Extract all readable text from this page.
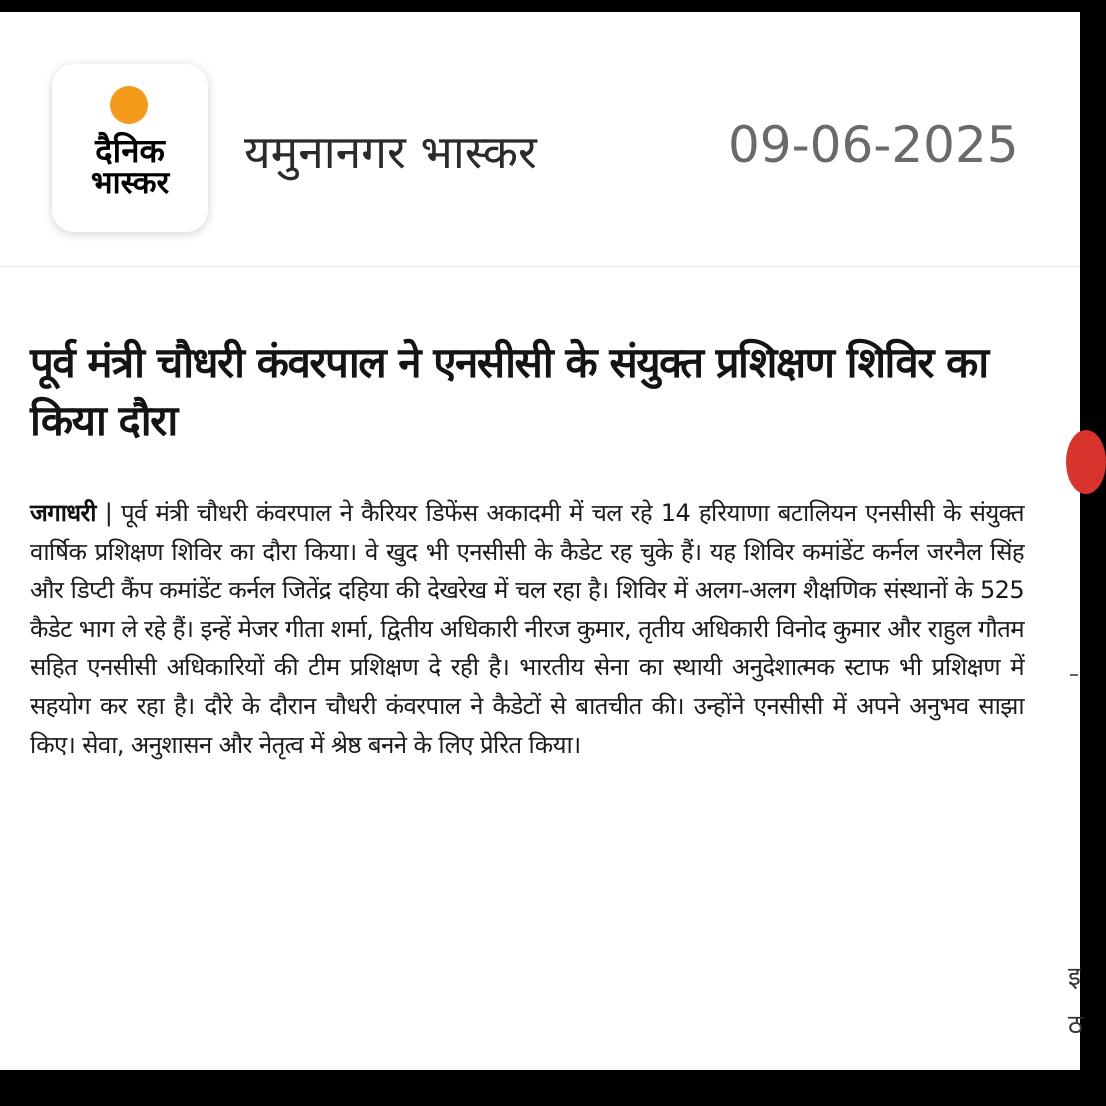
दैनिक
भास्कर
यमुनानगर भास्कर	09-06-2025
पूर्व मंत्री चौधरी कंवरपाल ने एनसीसी के संयुक्त प्रशिक्षण शिविर का किया दौरा

जगाधरी | पूर्व मंत्री चौधरी कंवरपाल ने कैरियर डिफेंस अकादमी में चल रहे 14 हरियाणा बटालियन एनसीसी के संयुक्त वार्षिक प्रशिक्षण शिविर का दौरा किया। वे खुद भी एनसीसी के कैडेट रह चुके हैं। यह शिविर कमांडेंट कर्नल जरनैल सिंह और डिप्टी कैंप कमांडेंट कर्नल जितेंद्र दहिया की देखरेख में चल रहा है। शिविर में अलग-अलग शैक्षणिक संस्थानों के 525 कैडेट भाग ले रहे हैं। इन्हें मेजर गीता शर्मा, द्वितीय अधिकारी नीरज कुमार, तृतीय अधिकारी विनोद कुमार और राहुल गौतम सहित एनसीसी अधिकारियों की टीम प्रशिक्षण दे रही है। भारतीय सेना का स्थायी अनुदेशात्मक स्टाफ भी प्रशिक्षण में सहयोग कर रहा है। दौरे के दौरान चौधरी कंवरपाल ने कैडेटों से बातचीत की। उन्होंने एनसीसी में अपने अनुभव साझा किए। सेवा, अनुशासन और नेतृत्व में श्रेष्ठ बनने के लिए प्रेरित किया।

इ
ठ
